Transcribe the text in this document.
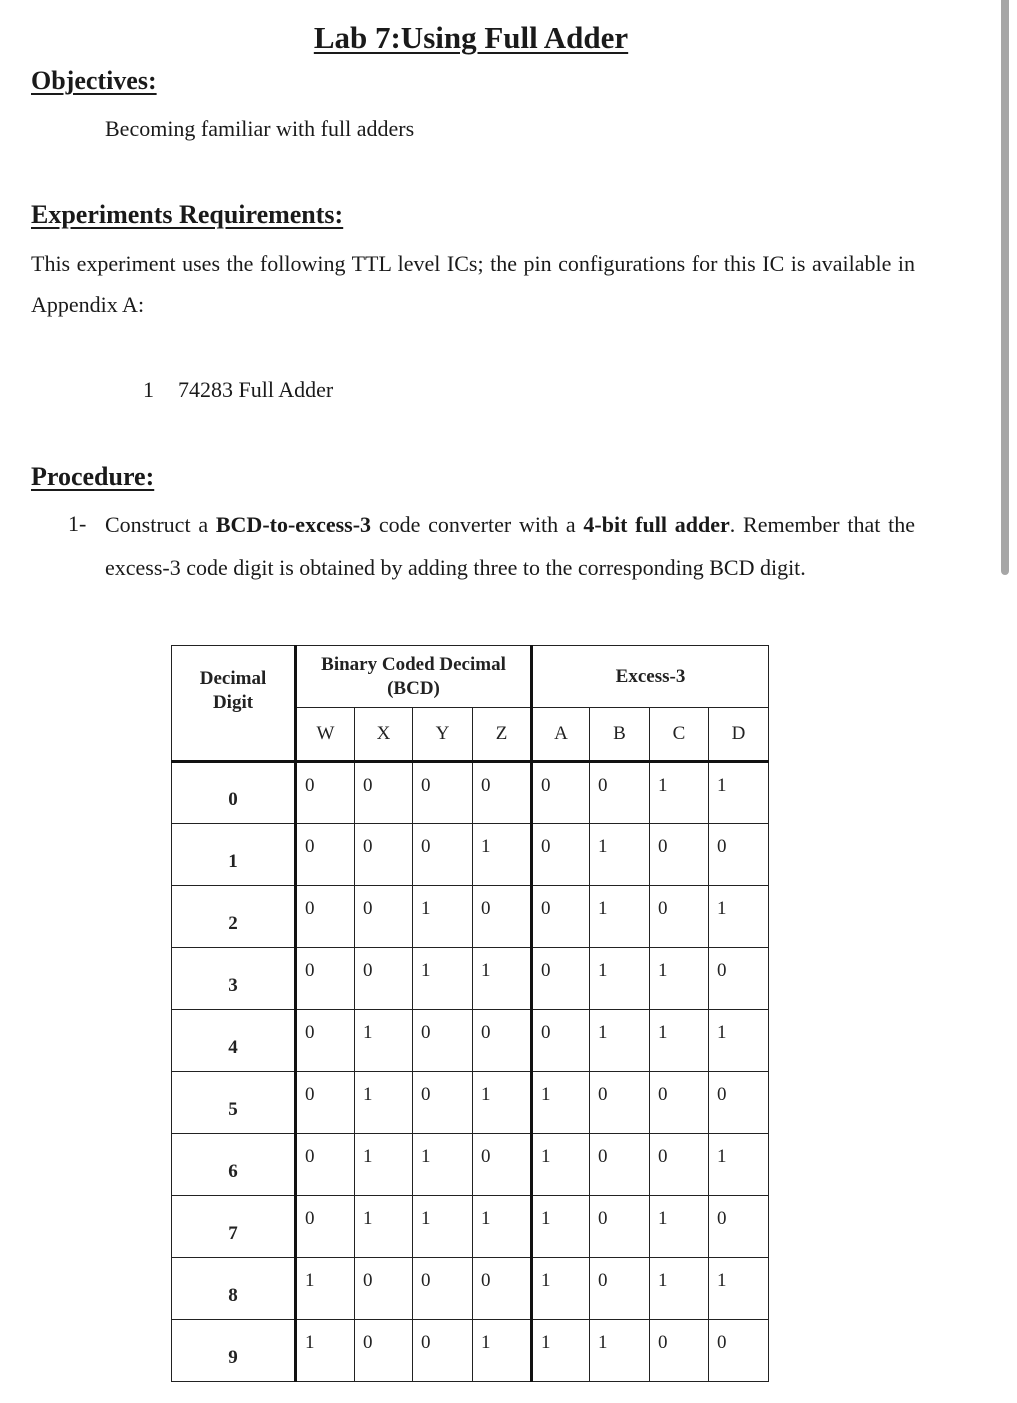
Lab 7:Using Full Adder
Objectives:
Becoming familiar with full adders
Experiments Requirements:
This experiment uses the following TTL level ICs; the pin configurations for this IC is available in Appendix A:
1 74283 Full Adder
Procedure:
1- Construct a BCD-to-excess-3 code converter with a 4-bit full adder. Remember that the excess-3 code digit is obtained by adding three to the corresponding BCD digit.
Decimal Digit	Binary Coded Decimal (BCD)				Excess-3			
	W	X	Y	Z	A	B	C	D
0	0	0	0	0	0	0	1	1
1	0	0	0	1	0	1	0	0
2	0	0	1	0	0	1	0	1
3	0	0	1	1	0	1	1	0
4	0	1	0	0	0	1	1	1
5	0	1	0	1	1	0	0	0
6	0	1	1	0	1	0	0	1
7	0	1	1	1	1	0	1	0
8	1	0	0	0	1	0	1	1
9	1	0	0	1	1	1	0	0
